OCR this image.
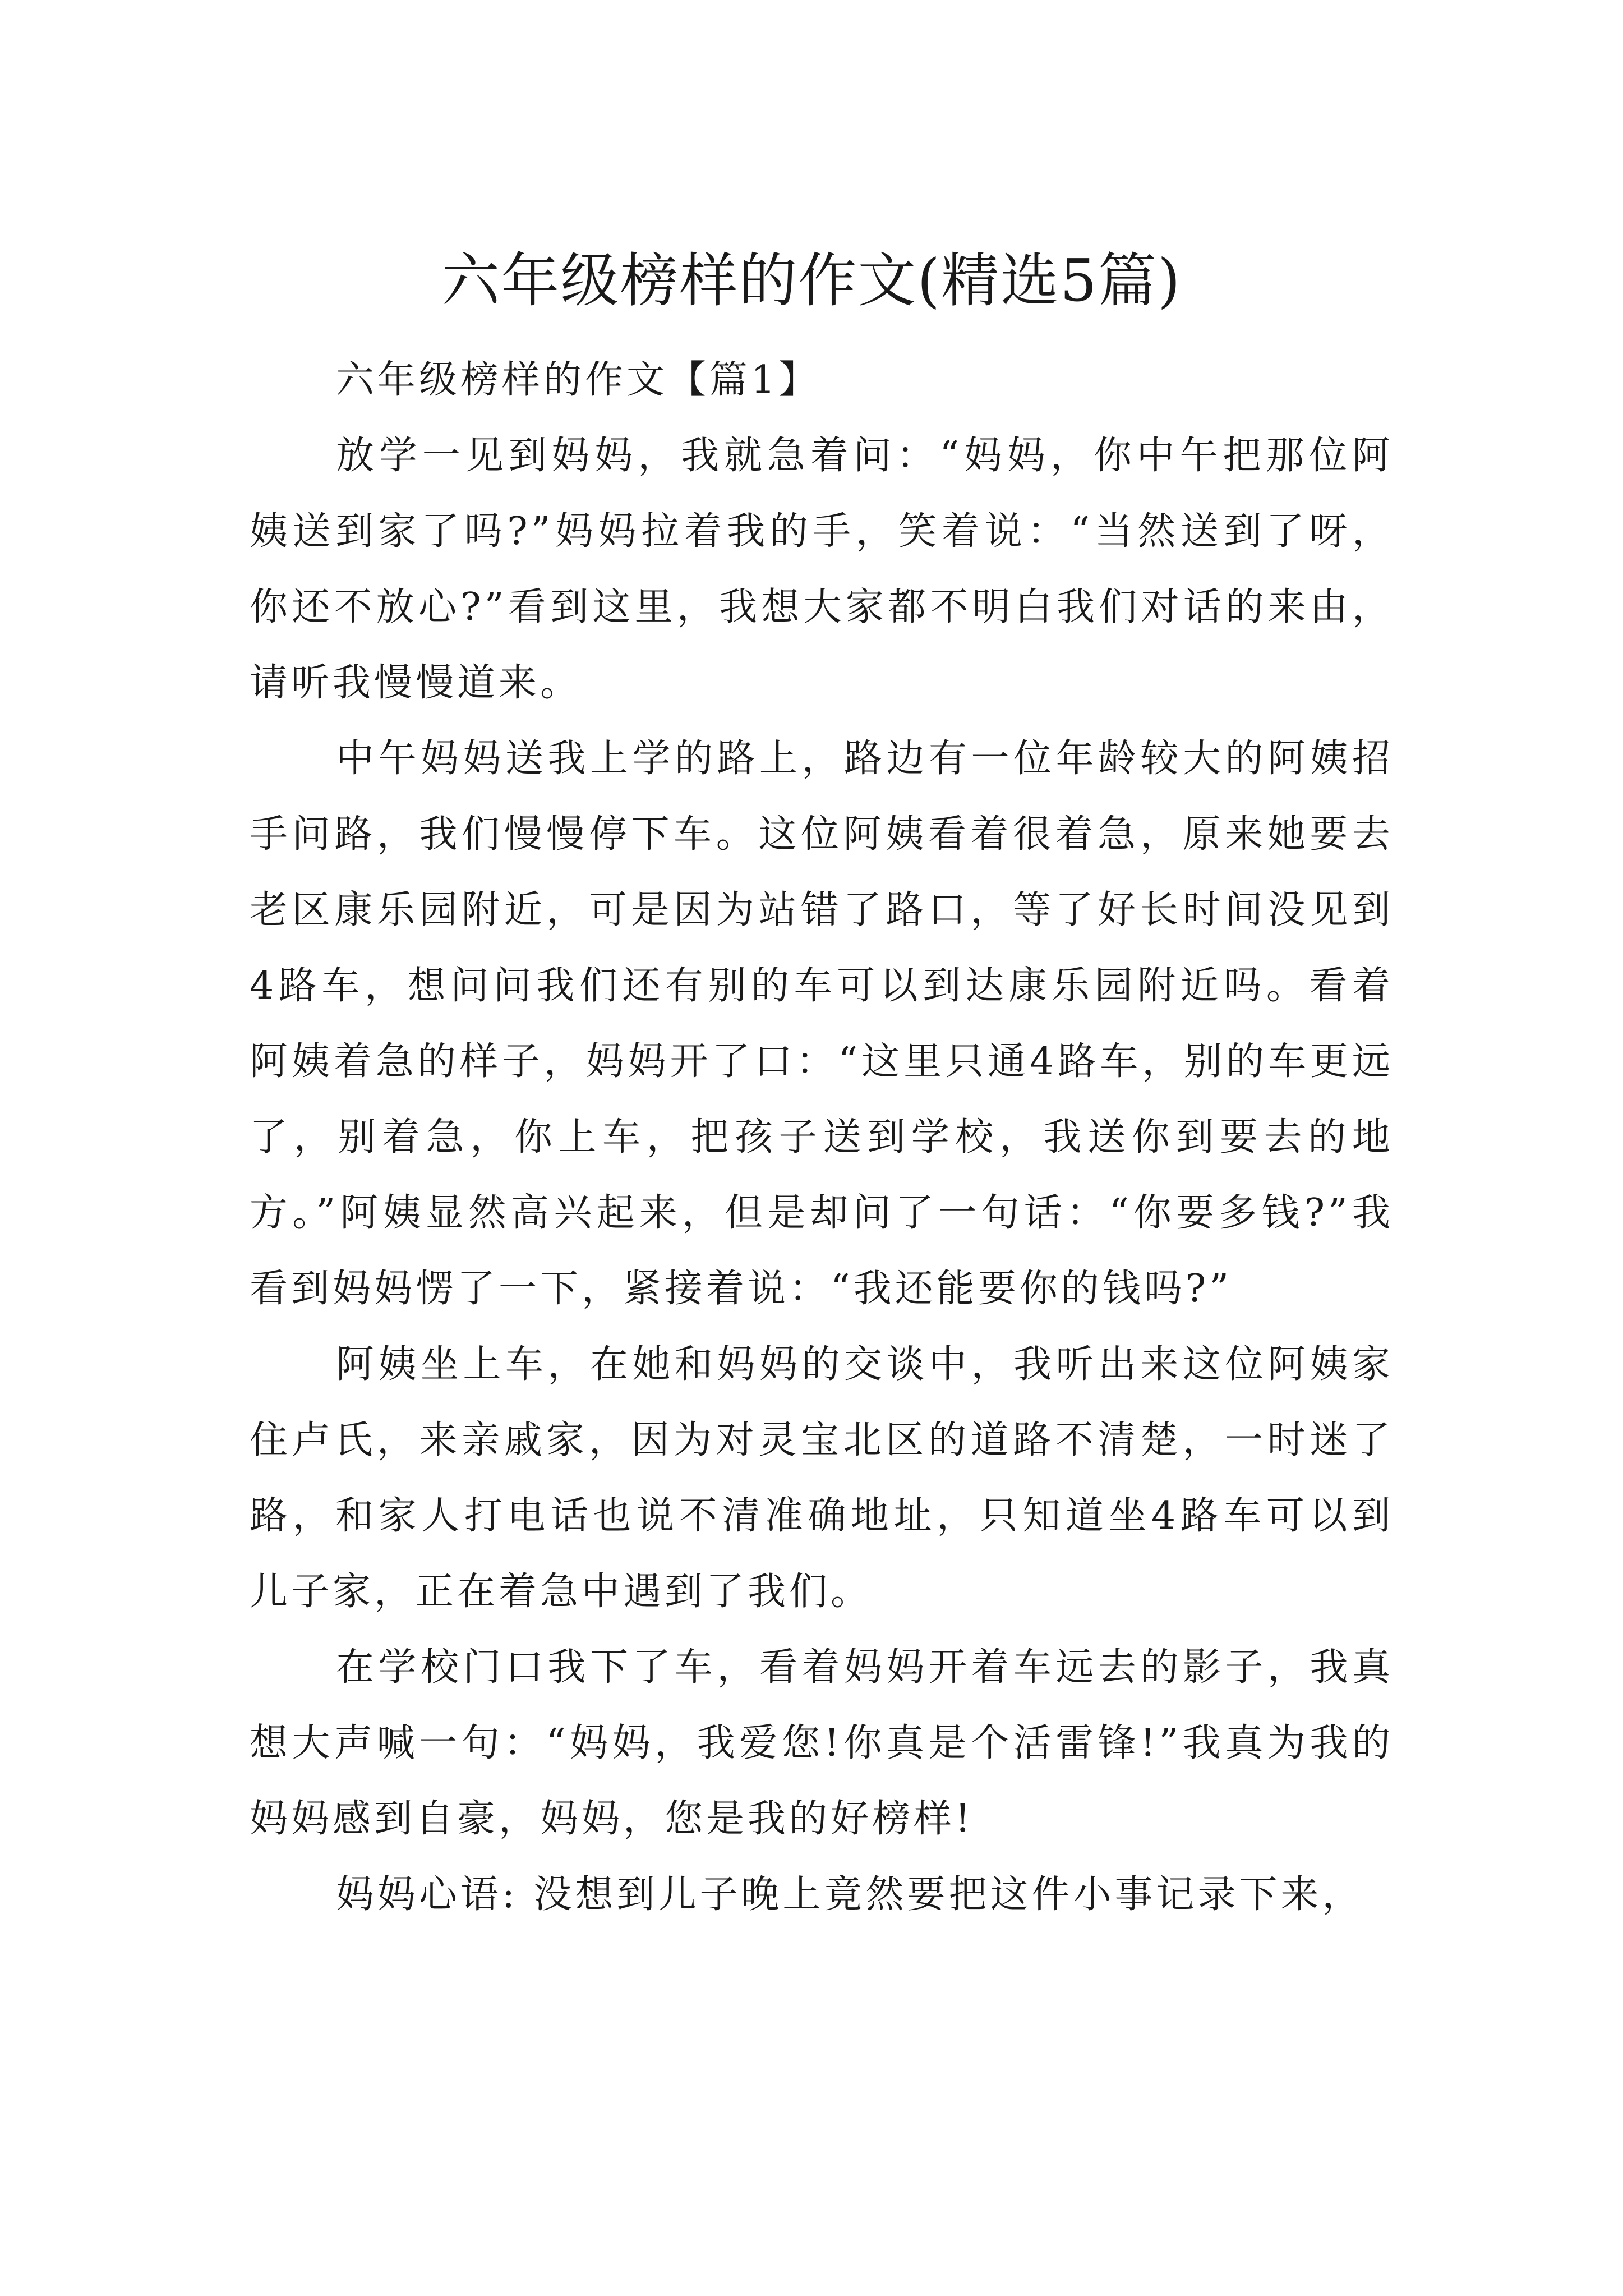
六年级榜样的作文(精选5篇)

六年级榜样的作文【篇1】

放学一见到妈妈，我就急着问：“妈妈，你中午把那位阿姨送到家了吗?”妈妈拉着我的手，笑着说：“当然送到了呀，你还不放心?”看到这里，我想大家都不明白我们对话的来由，请听我慢慢道来。

中午妈妈送我上学的路上，路边有一位年龄较大的阿姨招手问路，我们慢慢停下车。这位阿姨看着很着急，原来她要去老区康乐园附近，可是因为站错了路口，等了好长时间没见到4路车，想问问我们还有别的车可以到达康乐园附近吗。看着阿姨着急的样子，妈妈开了口：“这里只通4路车，别的车更远了，别着急，你上车，把孩子送到学校，我送你到要去的地方。”阿姨显然高兴起来，但是却问了一句话：“你要多钱?”我看到妈妈愣了一下，紧接着说：“我还能要你的钱吗?”

阿姨坐上车，在她和妈妈的交谈中，我听出来这位阿姨家住卢氏，来亲戚家，因为对灵宝北区的道路不清楚，一时迷了路，和家人打电话也说不清准确地址，只知道坐4路车可以到儿子家，正在着急中遇到了我们。

在学校门口我下了车，看着妈妈开着车远去的影子，我真想大声喊一句：“妈妈，我爱您!你真是个活雷锋!”我真为我的妈妈感到自豪，妈妈，您是我的好榜样!

妈妈心语: 没想到儿子晚上竟然要把这件小事记录下来，
